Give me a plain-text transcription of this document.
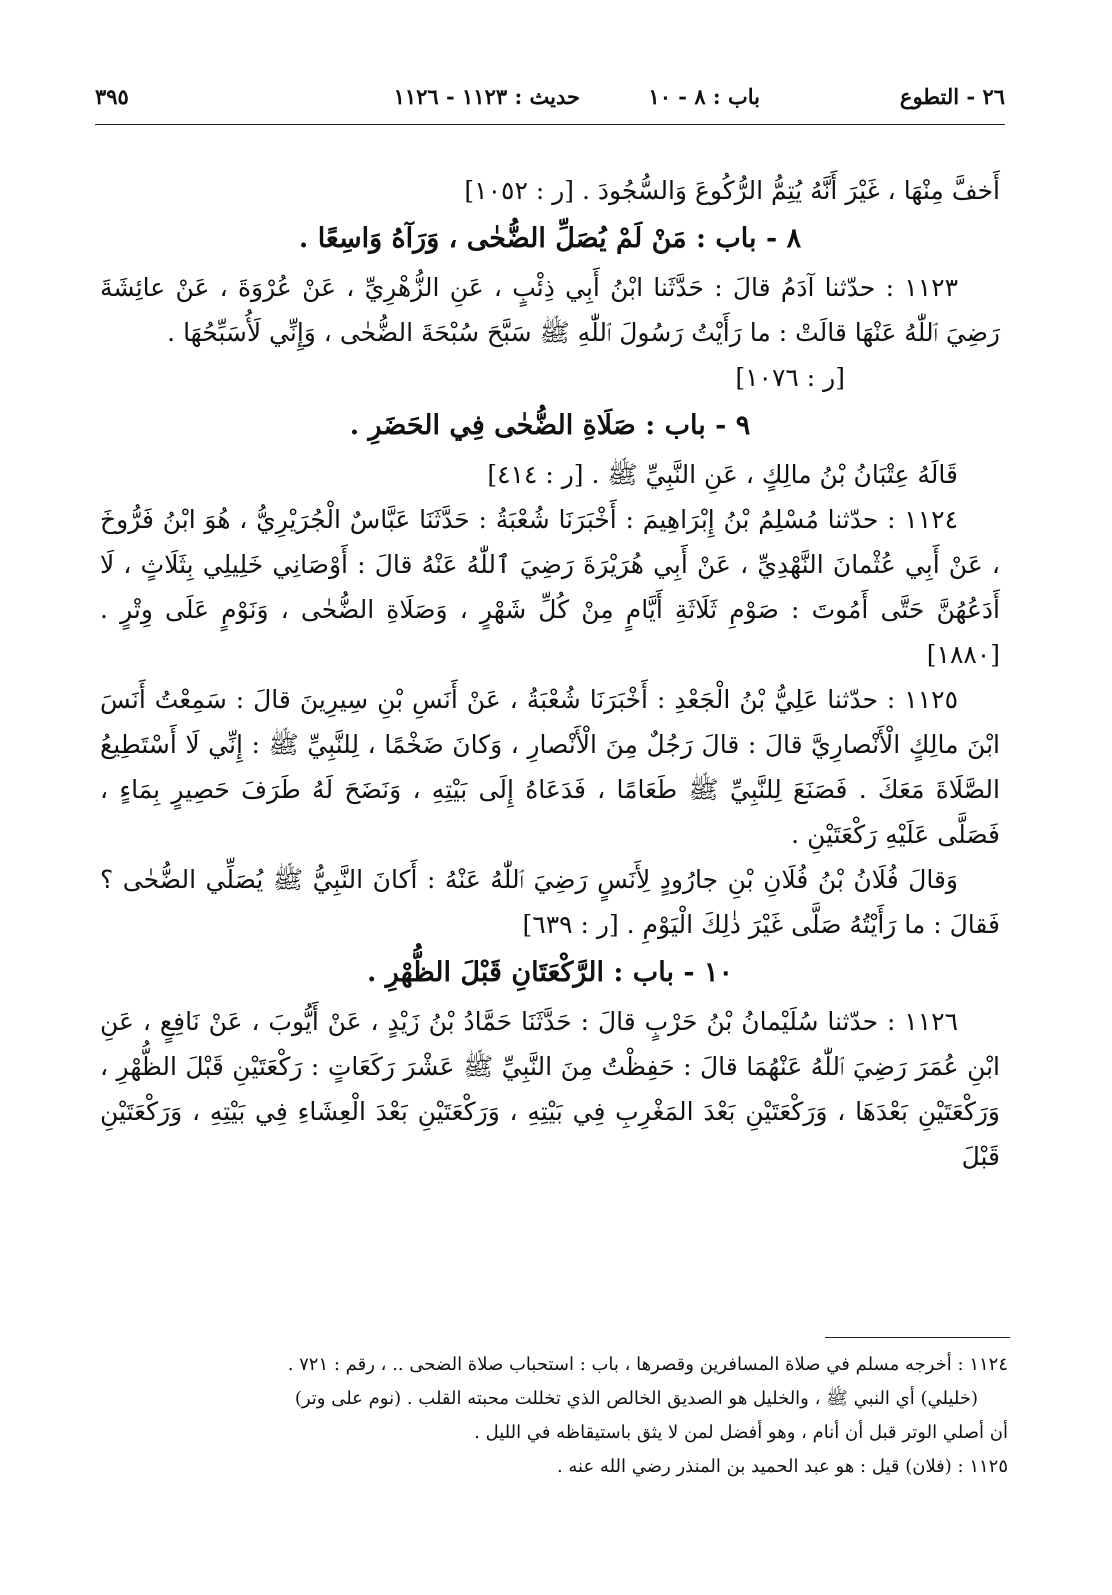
٢٦ - التطوع
باب : ٨ - ١٠
حديث : ١١٢٣ - ١١٢٦
٣٩٥

أَخفَّ مِنْهَا ، غَيْرَ أَنَّهُ يُتِمُّ الرُّكُوعَ وَالسُّجُودَ . [ر : ١٠٥٢]

٨ - باب : مَنْ لَمْ يُصَلِّ الضُّحٰى ، وَرَآهُ وَاسِعًا .

١١٢٣ : حدّثنا آدَمُ قالَ : حَدَّثَنا ابْنُ أَبِي ذِئْبٍ ، عَنِ الزُّهْرِيِّ ، عَنْ عُرْوَةَ ، عَنْ عائِشَةَ رَضِيَ ٱللّٰهُ عَنْهَا قالَتْ : ما رَأَيْتُ رَسُولَ ٱللّٰهِ ﷺ سَبَّحَ سُبْحَةَ الضُّحٰى ، وَإِنِّي لَأُسَبِّحُهَا .

[ر : ١٠٧٦]

٩ - باب : صَلَاةِ الضُّحٰى فِي الحَضَرِ .

قَالَهُ عِتْبَانُ بْنُ مالِكٍ ، عَنِ النَّبِيِّ ﷺ . [ر : ٤١٤]

١١٢٤ : حدّثنا مُسْلِمُ بْنُ إِبْرَاهِيمَ : أَخْبَرَنَا شُعْبَةُ : حَدَّثَنَا عَبَّاسٌ الْجُرَيْرِيُّ ، هُوَ ابْنُ فَرُّوخَ ، عَنْ أَبِي عُثْمانَ النَّهْدِيِّ ، عَنْ أَبِي هُرَيْرَةَ رَضِيَ ٱللّٰهُ عَنْهُ قالَ : أَوْصَانِي خَلِيلِي بِثَلَاثٍ ، لَا أَدَعُهُنَّ حَتَّى أَمُوتَ : صَوْمِ ثَلَاثَةِ أَيَّامٍ مِنْ كُلِّ شَهْرٍ ، وَصَلَاةِ الضُّحٰى ، وَنَوْمٍ عَلَى وِتْرٍ . [١٨٨٠]

١١٢٥ : حدّثنا عَلِيُّ بْنُ الْجَعْدِ : أَخْبَرَنَا شُعْبَةُ ، عَنْ أَنَسِ بْنِ سِيرِينَ قالَ : سَمِعْتُ أَنَسَ ابْنَ مالِكٍ الْأَنْصارِيَّ قالَ : قالَ رَجُلٌ مِنَ الْأَنْصارِ ، وَكانَ ضَخْمًا ، لِلنَّبِيِّ ﷺ : إِنِّي لَا أَسْتَطِيعُ الصَّلَاةَ مَعَكَ . فَصَنَعَ لِلنَّبِيِّ ﷺ طَعَامًا ، فَدَعَاهُ إِلَى بَيْتِهِ ، وَنَضَحَ لَهُ طَرَفَ حَصِيرٍ بِمَاءٍ ، فَصَلَّى عَلَيْهِ رَكْعَتَيْنِ .

وَقالَ فُلَانُ بْنُ فُلَانِ بْنِ جارُودٍ لِأَنَسٍ رَضِيَ ٱللّٰهُ عَنْهُ : أَكانَ النَّبِيُّ ﷺ يُصَلِّي الضُّحٰى ؟ فَقالَ : ما رَأَيْتُهُ صَلَّى غَيْرَ ذٰلِكَ الْيَوْمِ . [ر : ٦٣٩]

١٠ - باب : الرَّكْعَتَانِ قَبْلَ الظُّهْرِ .

١١٢٦ : حدّثنا سُلَيْمانُ بْنُ حَرْبٍ قالَ : حَدَّثَنَا حَمَّادُ بْنُ زَيْدٍ ، عَنْ أَيُّوبَ ، عَنْ نَافِعٍ ، عَنِ ابْنِ عُمَرَ رَضِيَ ٱللّٰهُ عَنْهُمَا قالَ : حَفِظْتُ مِنَ النَّبِيِّ ﷺ عَشْرَ رَكَعَاتٍ : رَكْعَتَيْنِ قَبْلَ الظُّهْرِ ، وَرَكْعَتَيْنِ بَعْدَهَا ، وَرَكْعَتَيْنِ بَعْدَ المَغْرِبِ فِي بَيْتِهِ ، وَرَكْعَتَيْنِ بَعْدَ الْعِشَاءِ فِي بَيْتِهِ ، وَرَكْعَتَيْنِ قَبْلَ

١١٢٤ : أخرجه مسلم في صلاة المسافرين وقصرها ، باب : استحباب صلاة الضحى .. ، رقم : ٧٢١ .

(خليلي) أي النبي ﷺ ، والخليل هو الصديق الخالص الذي تخللت محبته القلب . (نوم على وتر)

أن أصلي الوتر قبل أن أنام ، وهو أفضل لمن لا يثق باستيقاظه في الليل .

١١٢٥ : (فلان) قيل : هو عبد الحميد بن المنذر رضي الله عنه .
